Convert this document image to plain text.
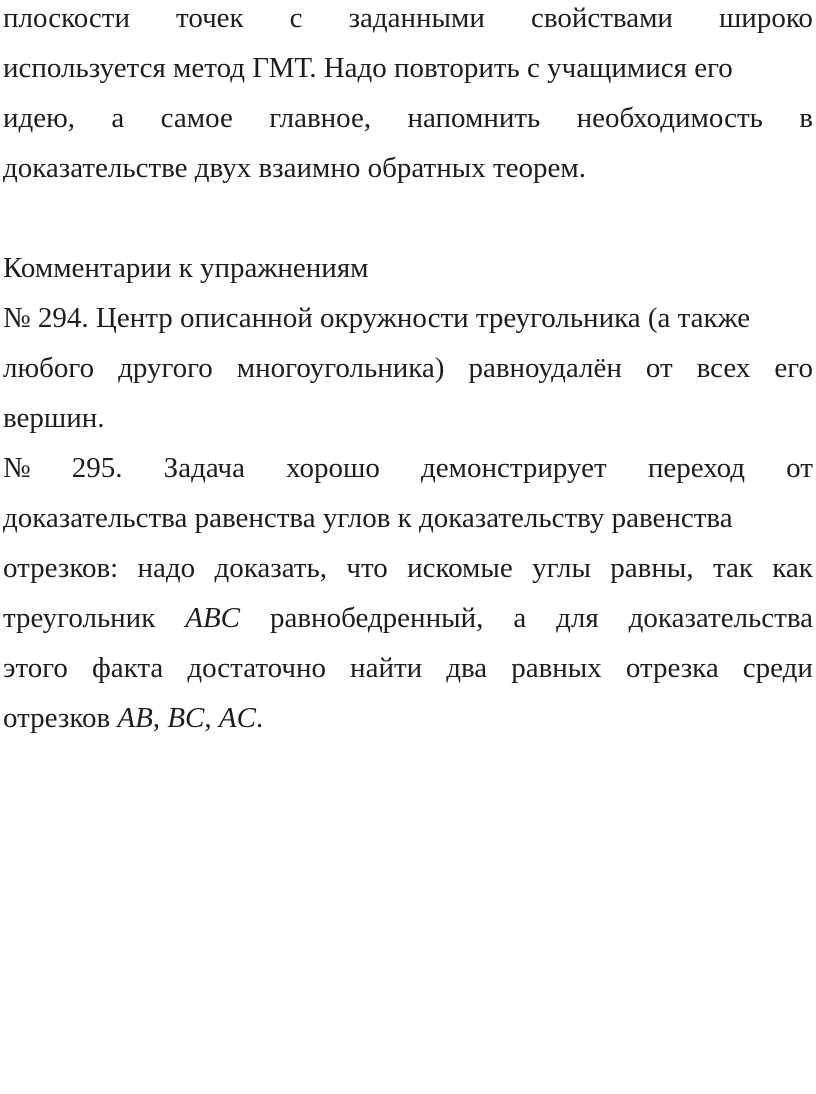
плоскости точек с заданными свойствами широко
используется метод ГМТ. Надо повторить с учащимися его
идею, а самое главное, напомнить необходимость в
доказательстве двух взаимно обратных теорем.
Комментарии к упражнениям
№ 294. Центр описанной окружности треугольника (а также
любого другого многоугольника) равноудалён от всех его
вершин.
№ 295. Задача хорошо демонстрирует переход от
доказательства равенства углов к доказательству равенства
отрезков: надо доказать, что искомые углы равны, так как
треугольник ABC равнобедренный, а для доказательства
этого факта достаточно найти два равных отрезка среди
отрезков AB, BC, AC.
